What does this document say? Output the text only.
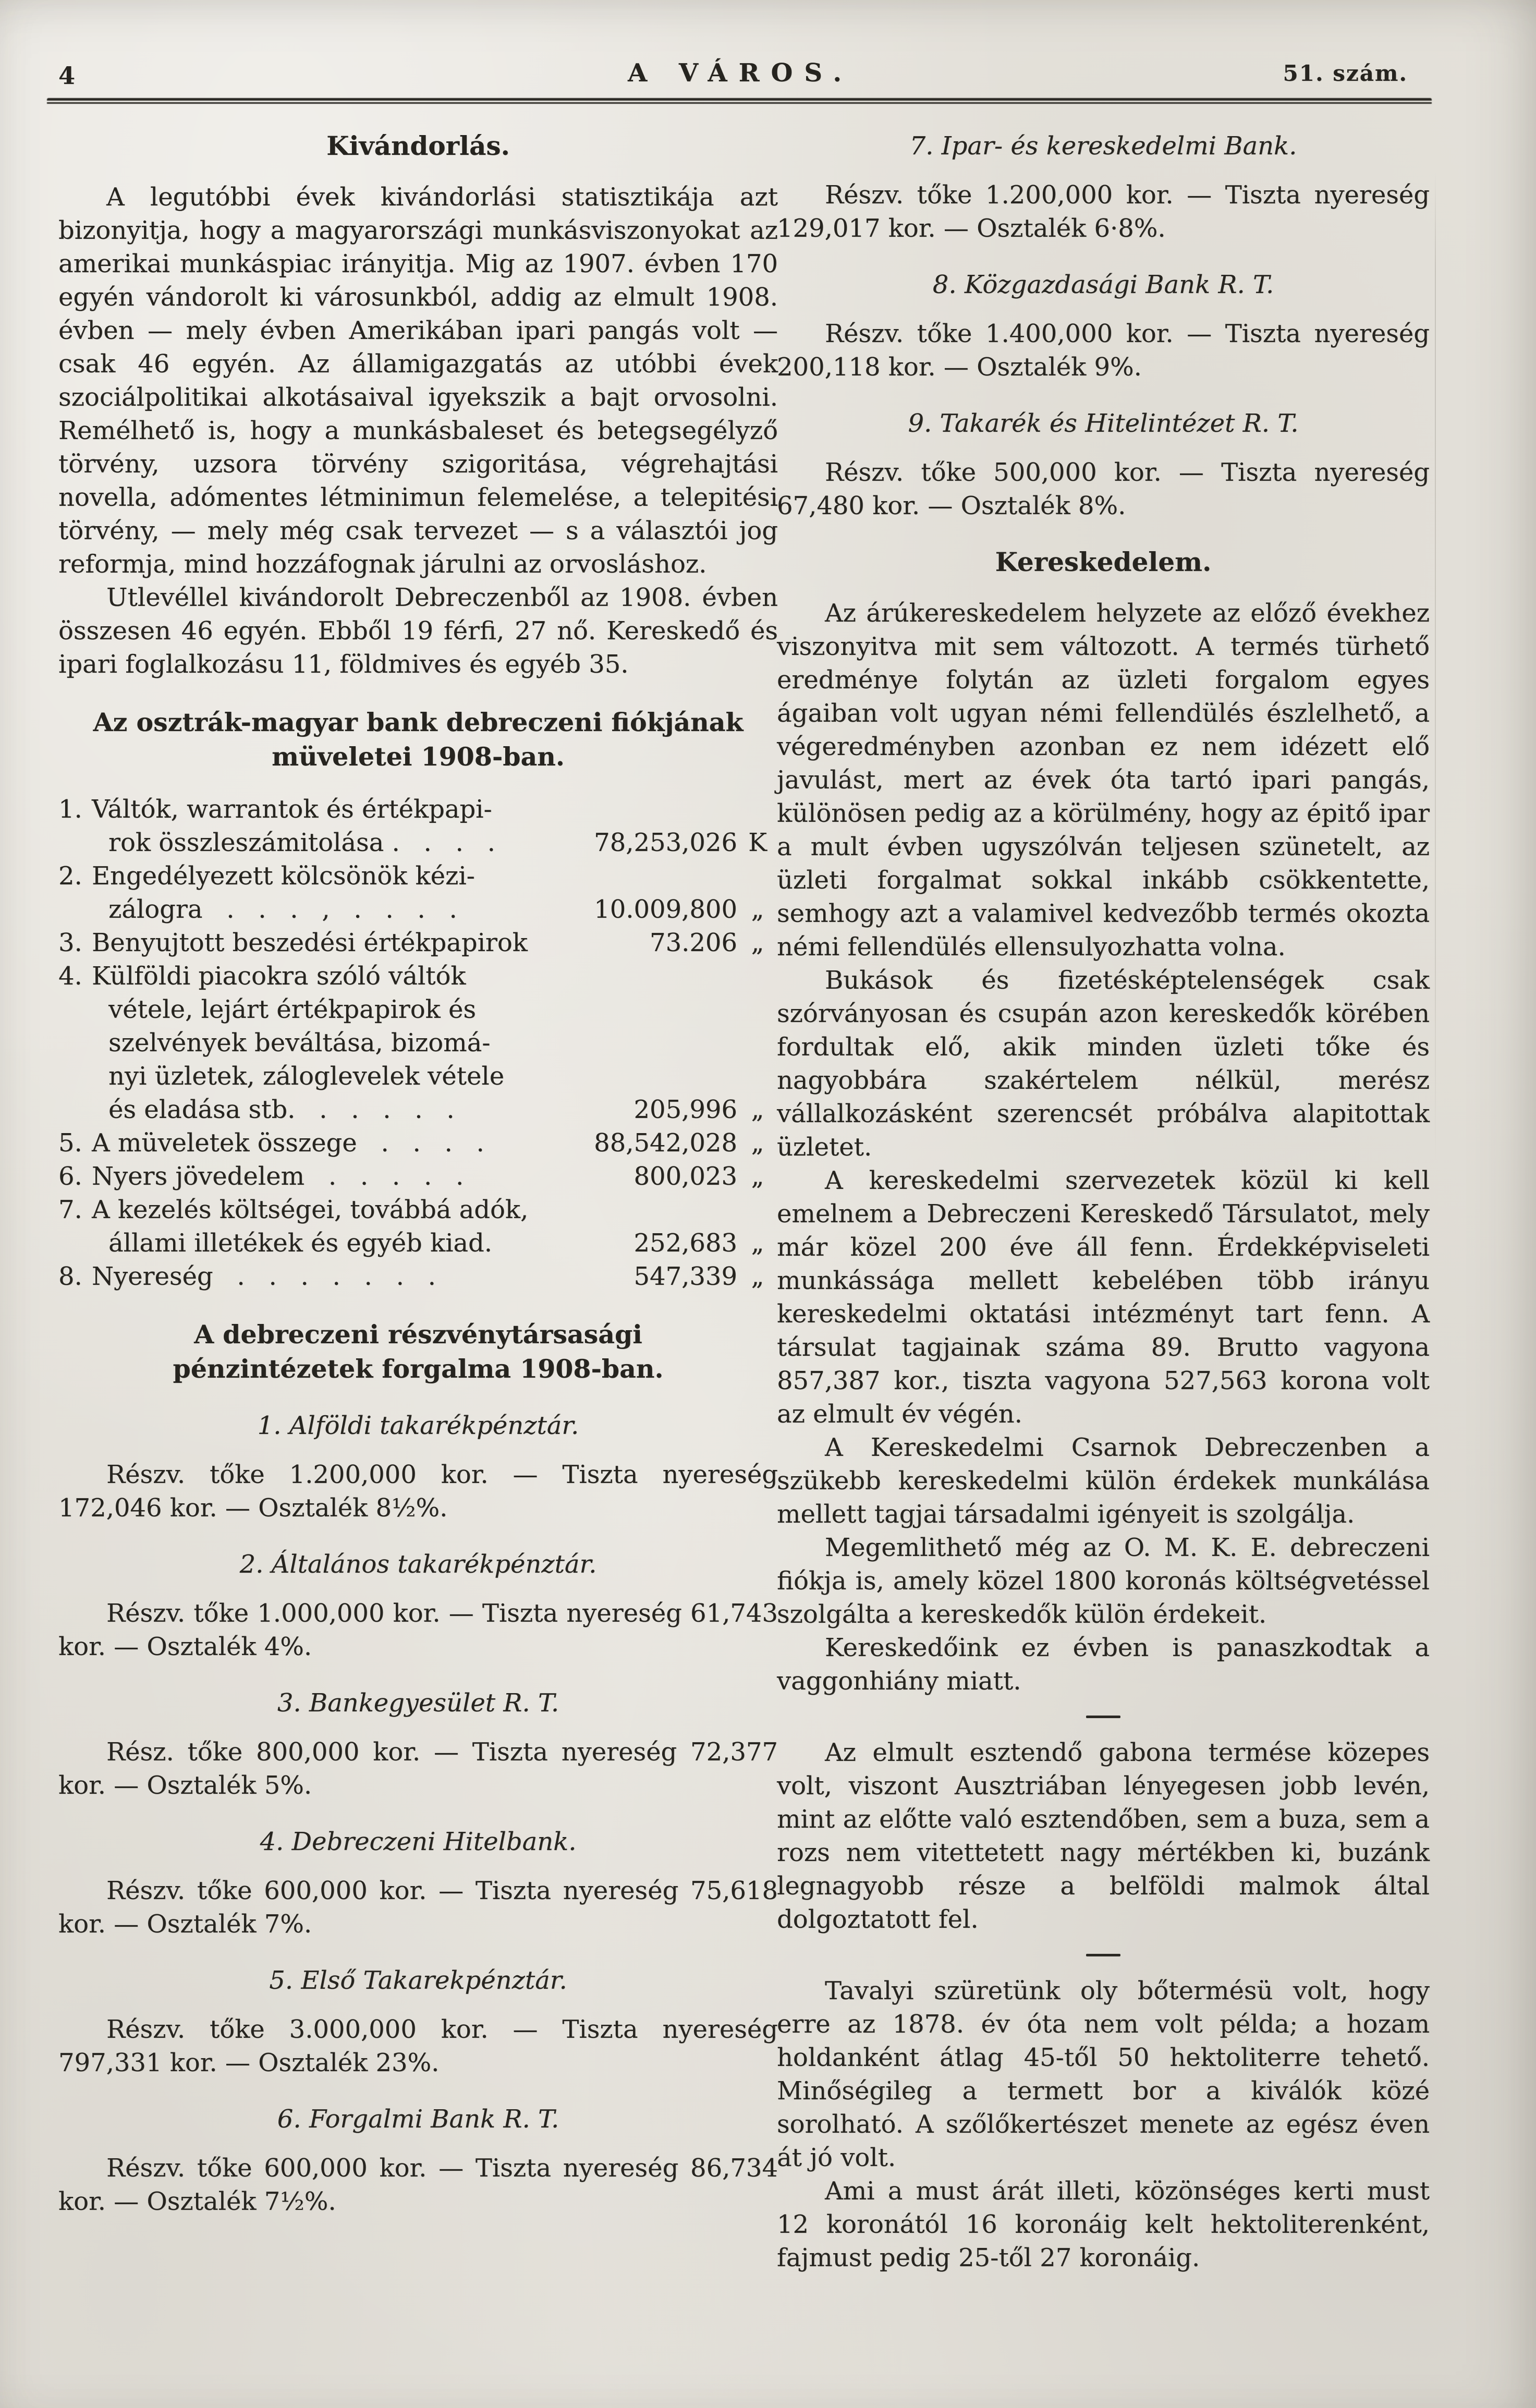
4	A VÁROS.	51. szám.
Kivándorlás.

A legutóbbi évek kivándorlási statisztikája azt bizonyitja, hogy a magyarországi munkásviszonyokat az amerikai munkáspiac irányitja. Mig az 1907. évben 170 egyén vándorolt ki városunkból, addig az elmult 1908. évben — mely évben Amerikában ipari pangás volt — csak 46 egyén. Az államigazgatás az utóbbi évek szociálpolitikai alkotásaival igyekszik a bajt orvosolni. Remélhető is, hogy a munkásbaleset és betegsegélyző törvény, uzsora törvény szigoritása, végrehajtási novella, adómentes létminimun felemelése, a telepitési törvény, — mely még csak tervezet — s a választói jog reformja, mind hozzáfognak járulni az orvosláshoz.

Utlevéllel kivándorolt Debreczenből az 1908. évben összesen 46 egyén. Ebből 19 férfi, 27 nő. Kereskedő és ipari foglalkozásu 11, földmives és egyéb 35.

Az osztrák-magyar bank debreczeni fiókjának müveletei 1908-ban.
1. Váltók, warrantok és értékpapi-
rok összleszámitolása .   .   .   .	78,253,026 K
2. Engedélyezett kölcsönök kézi-
zálogra   .   .   .   ,   .   .   .   .	10.009,800 „
3. Benyujtott beszedési értékpapirok	73.206 „
4. Külföldi piacokra szóló váltók
vétele, lejárt értékpapirok és
szelvények beváltása, bizomá-
nyi üzletek, záloglevelek vétele
és eladása stb.   .   .   .   .   .	205,996 „
5. A müveletek összege   .   .   .   .	88,542,028 „
6. Nyers jövedelem   .   .   .   .   .	800,023 „
7. A kezelés költségei, továbbá adók,
állami illetékek és egyéb kiad.	252,683 „
8. Nyereség   .   .   .   .   .   .   .	547,339 „
A debreczeni részvénytársasági pénzintézetek forgalma 1908-ban.
1. Alföldi takarékpénztár.

Részv. tőke 1.200,000 kor. — Tiszta nyereség 172,046 kor. — Osztalék 8½%.

2. Általános takarékpénztár.

Részv. tőke 1.000,000 kor. — Tiszta nyereség 61,743 kor. — Osztalék 4%.

3. Bankegyesület R. T.

Rész. tőke 800,000 kor. — Tiszta nyereség 72,377 kor. — Osztalék 5%.

4. Debreczeni Hitelbank.

Részv. tőke 600,000 kor. — Tiszta nyereség 75,618 kor. — Osztalék 7%.

5. Első Takarekpénztár.

Részv. tőke 3.000,000 kor. — Tiszta nyereség 797,331 kor. — Osztalék 23%.

6. Forgalmi Bank R. T.

Részv. tőke 600,000 kor. — Tiszta nyereség 86,734 kor. — Osztalék 7½%.

7. Ipar- és kereskedelmi Bank.

Részv. tőke 1.200,000 kor. — Tiszta nyereség 129,017 kor. — Osztalék 6·8%.

8. Közgazdasági Bank R. T.

Részv. tőke 1.400,000 kor. — Tiszta nyereség 200,118 kor. — Osztalék 9%.

9. Takarék és Hitelintézet R. T.

Részv. tőke 500,000 kor. — Tiszta nyereség 67,480 kor. — Osztalék 8%.

Kereskedelem.

Az árúkereskedelem helyzete az előző évekhez viszonyitva mit sem változott. A termés türhető eredménye folytán az üzleti forgalom egyes ágaiban volt ugyan némi fellendülés észlelhető, a végeredményben azonban ez nem idézett elő javulást, mert az évek óta tartó ipari pangás, különösen pedig az a körülmény, hogy az épitő ipar a mult évben ugyszólván teljesen szünetelt, az üzleti forgalmat sokkal inkább csökkentette, semhogy azt a valamivel kedvezőbb termés okozta némi fellendülés ellensulyozhatta volna.

Bukások és fizetésképtelenségek csak szórványosan és csupán azon kereskedők körében fordultak elő, akik minden üzleti tőke és nagyobbára szakértelem nélkül, merész vállalkozásként szerencsét próbálva alapitottak üzletet.

A kereskedelmi szervezetek közül ki kell emelnem a Debreczeni Kereskedő Társulatot, mely már közel 200 éve áll fenn. Érdekképviseleti munkássága mellett kebelében több irányu kereskedelmi oktatási intézményt tart fenn. A társulat tagjainak száma 89. Brutto vagyona 857,387 kor., tiszta vagyona 527,563 korona volt az elmult év végén.

A Kereskedelmi Csarnok Debreczenben a szükebb kereskedelmi külön érdekek munkálása mellett tagjai társadalmi igényeit is szolgálja.

Megemlithető még az O. M. K. E. debreczeni fiókja is, amely közel 1800 koronás költségvetéssel szolgálta a kereskedők külön érdekeit.

Kereskedőink ez évben is panaszkodtak a vaggonhiány miatt.

Az elmult esztendő gabona termése közepes volt, viszont Ausztriában lényegesen jobb levén, mint az előtte való esztendőben, sem a buza, sem a rozs nem vitettetett nagy mértékben ki, buzánk legnagyobb része a belföldi malmok által dolgoztatott fel.

Tavalyi szüretünk oly bőtermésü volt, hogy erre az 1878. év óta nem volt példa; a hozam holdanként átlag 45-től 50 hektoliterre tehető. Minőségileg a termett bor a kiválók közé sorolható. A szőlőkertészet menete az egész éven át jó volt.

Ami a must árát illeti, közönséges kerti must 12 koronától 16 koronáig kelt hektoliterenként, fajmust pedig 25-től 27 koronáig.
